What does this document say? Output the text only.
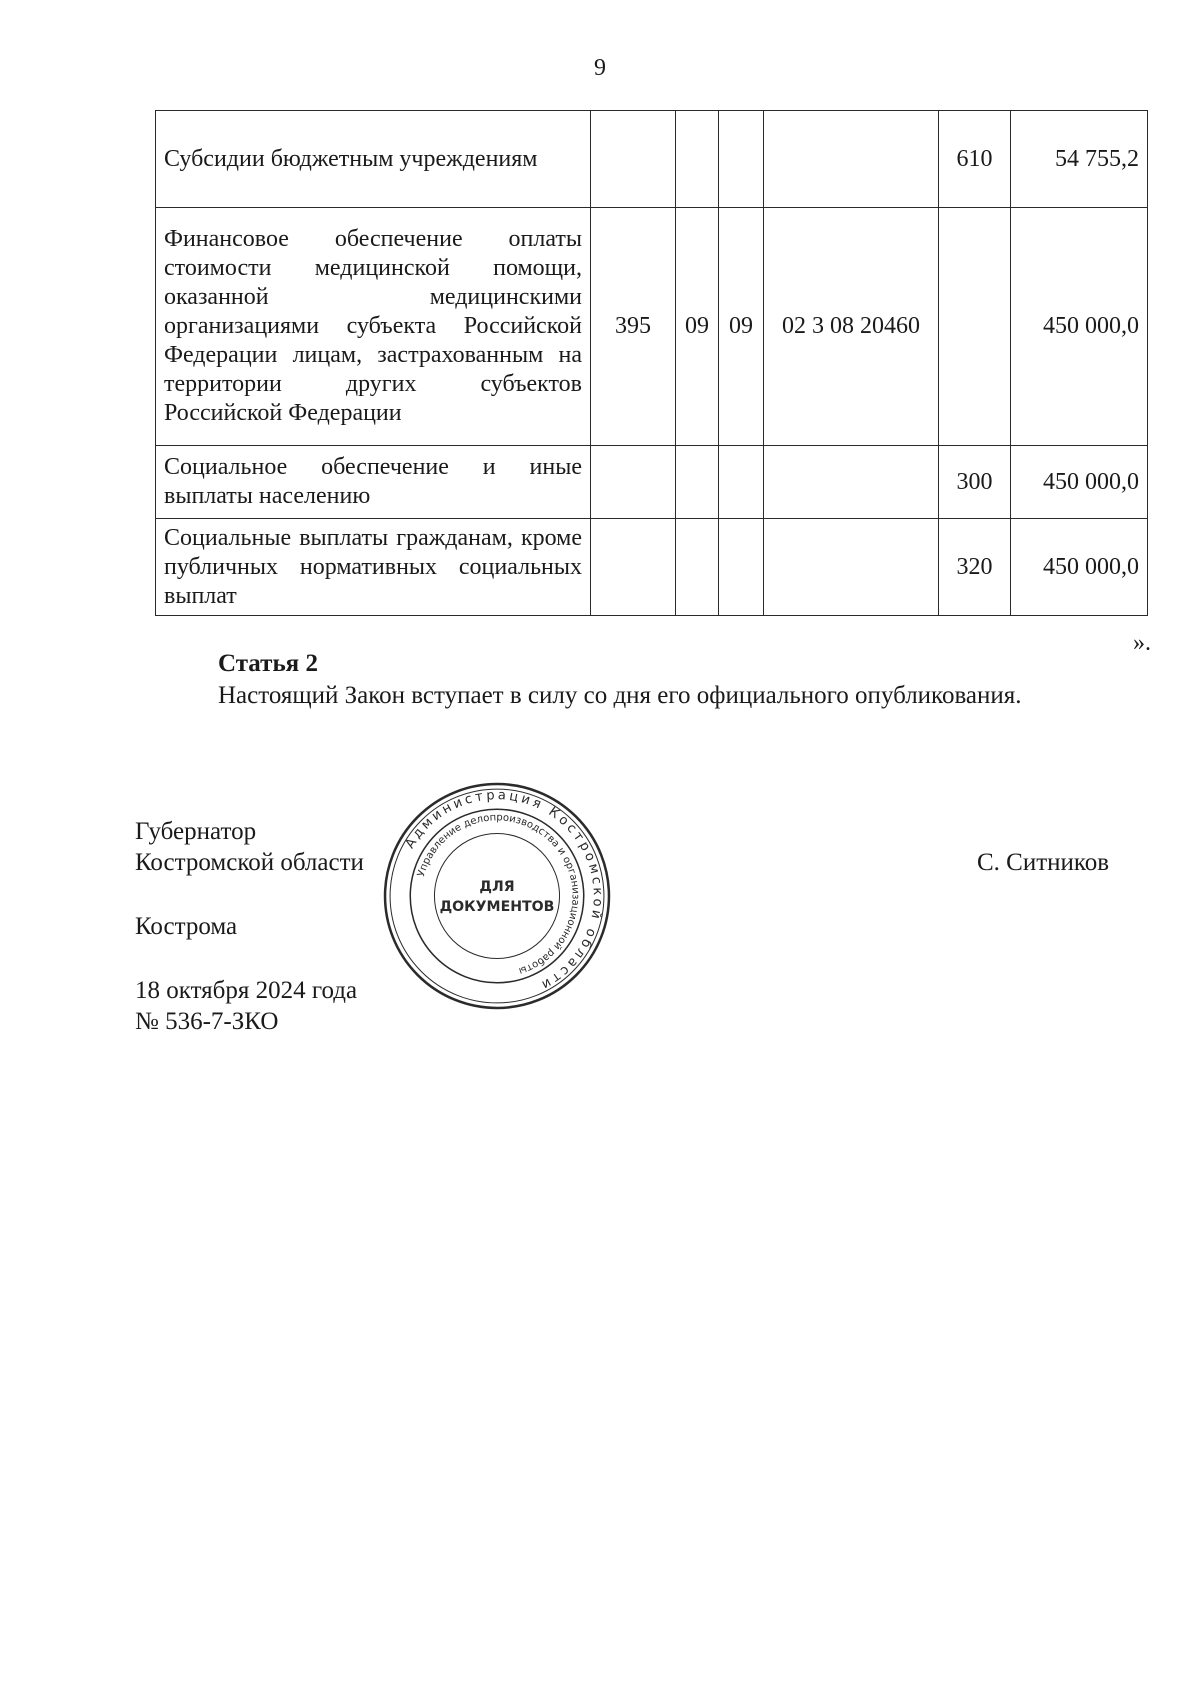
9
Субсидии бюджетным учреждениям					610	54 755,2
Финансовое обеспечение оплаты стоимости медицинской помощи, оказанной медицинскими организациями субъекта Российской Федерации лицам, застрахованным на территории других субъектов Российской Федерации	395	09	09	02 3 08 20460		450 000,0
Социальное обеспечение и иные выплаты населению					300	450 000,0
Социальные выплаты гражданам, кроме публичных нормативных социальных выплат					320	450 000,0
».
Статья 2
Настоящий Закон вступает в силу со дня его официального опубликования.
Губернатор
Костромской области	С. Ситников
Кострома
18 октября 2024 года
№ 536-7-ЗКО
Администрация Костромской области
Управление делопроизводства и организационной работы
ДЛЯ
ДОКУМЕНТОВ
